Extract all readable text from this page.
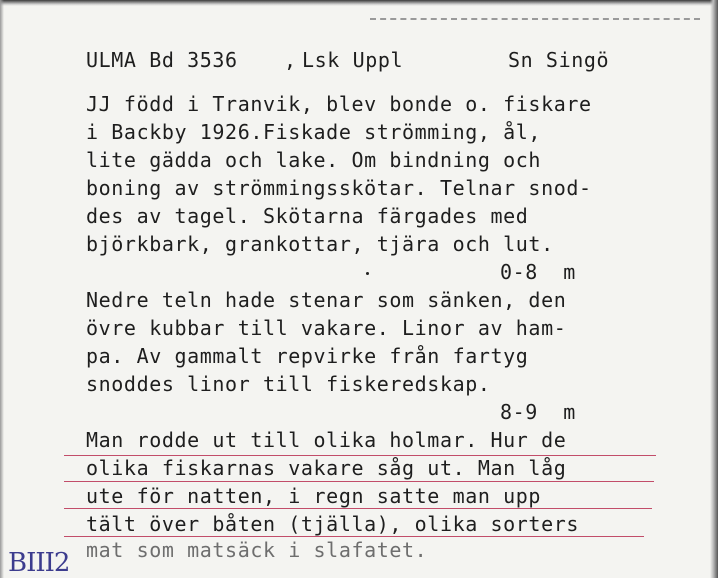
ULMA Bd 3536 , Lsk Uppl	Sn Singö
JJ född i Tranvik, blev bonde o. fiskare
i Backby 1926.Fiskade strömming, ål,
lite gädda och lake. Om bindning och
boning av strömmingsskötar. Telnar snod-
des av tagel. Skötarna färgades med
björkbark, grankottar, tjära och lut.
0-8  m
Nedre teln hade stenar som sänken, den
övre kubbar till vakare. Linor av ham-
pa. Av gammalt repvirke från fartyg
snoddes linor till fiskeredskap.
8-9  m
Man rodde ut till olika holmar. Hur de
olika fiskarnas vakare såg ut. Man låg
ute för natten, i regn satte man upp
tält över båten (tjälla), olika sorters
mat som matsäck i slafatet.
BIII2
